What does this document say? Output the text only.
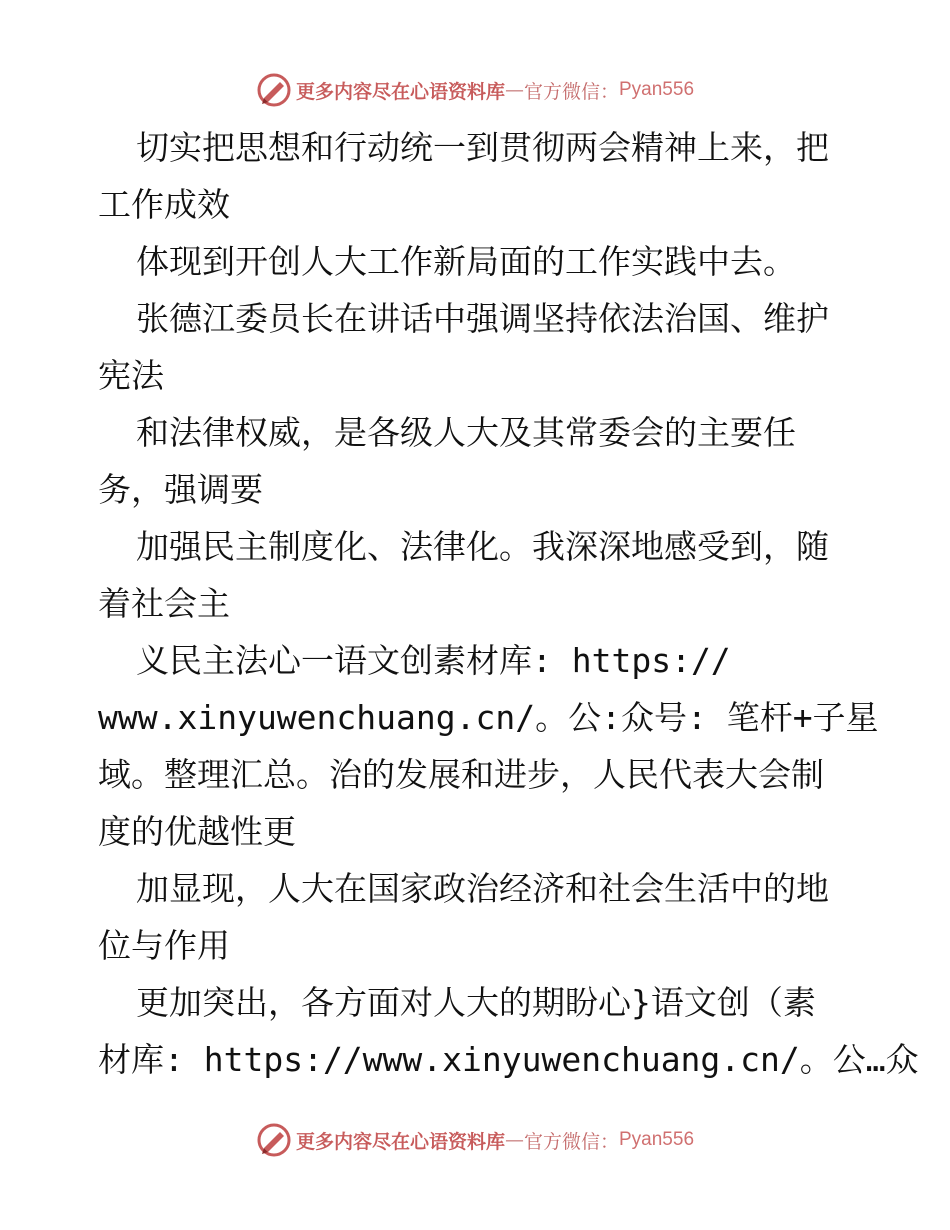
更多内容尽在心语资料库 — 官方微信： Pyan556
切实把思想和行动统一到贯彻两会精神上来，把
工作成效
体现到开创人大工作新局面的工作实践中去。
张德江委员长在讲话中强调坚持依法治国、维护
宪法
和法律权威，是各级人大及其常委会的主要任
务，强调要
加强民主制度化、法律化。我深深地感受到，随
着社会主
义民主法心一语文创素材库: https://
www.xinyuwenchuang.cn/。公:众号: 笔杆+子星
域。整理汇总。治的发展和进步，人民代表大会制
度的优越性更
加显现，人大在国家政治经济和社会生活中的地
位与作用
更加突出，各方面对人大的期盼心}语文创（素
材库: https://www.xinyuwenchuang.cn/。公…众
更多内容尽在心语资料库 — 官方微信： Pyan556
